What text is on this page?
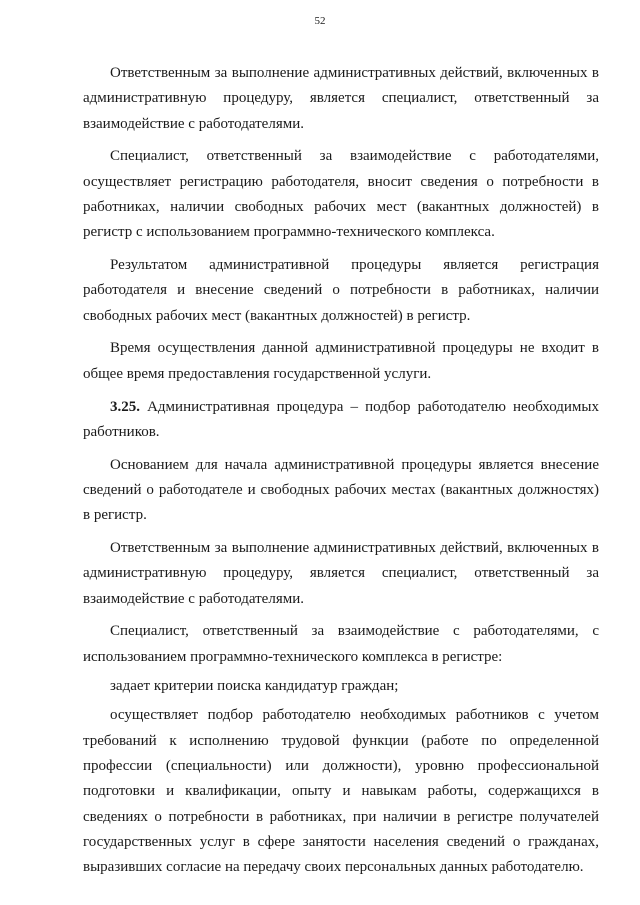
52

Ответственным за выполнение административных действий, включенных в административную процедуру, является специалист, ответственный за взаимодействие с работодателями.

Специалист, ответственный за взаимодействие с работодателями, осуществляет регистрацию работодателя, вносит сведения о потребности в работниках, наличии свободных рабочих мест (вакантных должностей) в регистр с использованием программно-технического комплекса.

Результатом административной процедуры является регистрация работодателя и внесение сведений о потребности в работниках, наличии свободных рабочих мест (вакантных должностей) в регистр.

Время осуществления данной административной процедуры не входит в общее время предоставления государственной услуги.

3.25. Административная процедура – подбор работодателю необходимых работников.

Основанием для начала административной процедуры является внесение сведений о работодателе и свободных рабочих местах (вакантных должностях) в регистр.

Ответственным за выполнение административных действий, включенных в административную процедуру, является специалист, ответственный за взаимодействие с работодателями.

Специалист, ответственный за взаимодействие с работодателями, с использованием программно-технического комплекса в регистре:

задает критерии поиска кандидатур граждан;

осуществляет подбор работодателю необходимых работников с учетом требований к исполнению трудовой функции (работе по определенной профессии (специальности) или должности), уровню профессиональной подготовки и квалификации, опыту и навыкам работы, содержащихся в сведениях о потребности в работниках, при наличии в регистре получателей государственных услуг в сфере занятости населения сведений о гражданах, выразивших согласие на передачу своих персональных данных работодателю.
